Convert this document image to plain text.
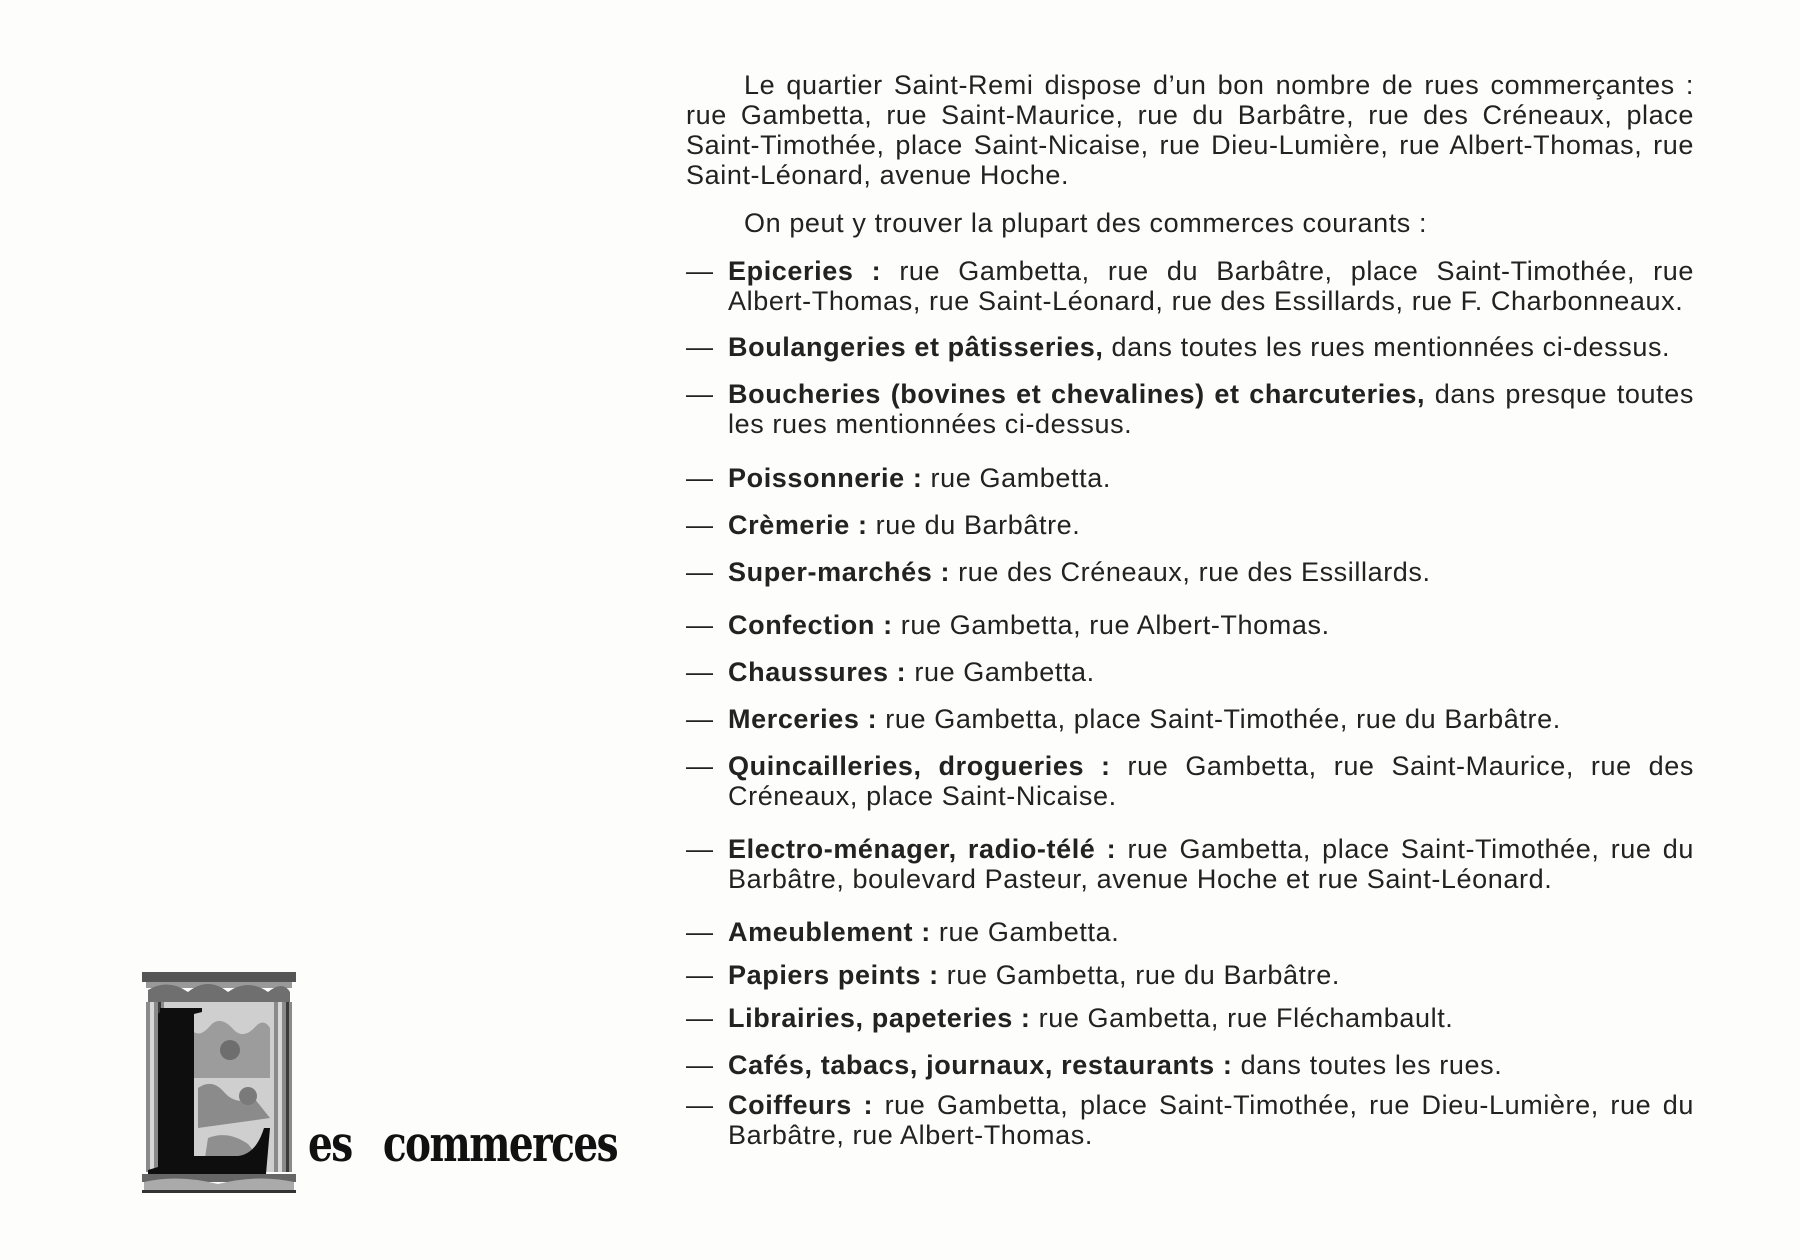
Le quartier Saint-Remi dispose d’un bon nombre de rues commerçantes : rue Gambetta, rue Saint-Maurice, rue du Barbâtre, rue des Créneaux, place Saint-Timothée, place Saint-Nicaise, rue Dieu-Lumière, rue Albert-Thomas, rue Saint-Léonard, avenue Hoche.

On peut y trouver la plupart des commerces courants :

— Epiceries : rue Gambetta, rue du Barbâtre, place Saint-Timothée, rue Albert-Thomas, rue Saint-Léonard, rue des Essillards, rue F. Charbonneaux.
— Boulangeries et pâtisseries, dans toutes les rues mentionnées ci-dessus.
— Boucheries (bovines et chevalines) et charcuteries, dans presque toutes les rues mentionnées ci-dessus.
— Poissonnerie : rue Gambetta.
— Crèmerie : rue du Barbâtre.
— Super-marchés : rue des Créneaux, rue des Essillards.
— Confection : rue Gambetta, rue Albert-Thomas.
— Chaussures : rue Gambetta.
— Merceries : rue Gambetta, place Saint-Timothée, rue du Barbâtre.
— Quincailleries, drogueries : rue Gambetta, rue Saint-Maurice, rue des Créneaux, place Saint-Nicaise.
— Electro-ménager, radio-télé : rue Gambetta, place Saint-Timothée, rue du Barbâtre, boulevard Pasteur, avenue Hoche et rue Saint-Léonard.
— Ameublement : rue Gambetta.
— Papiers peints : rue Gambetta, rue du Barbâtre.
— Librairies, papeteries : rue Gambetta, rue Fléchambault.
— Cafés, tabacs, journaux, restaurants : dans toutes les rues.
— Coiffeurs : rue Gambetta, place Saint-Timothée, rue Dieu-Lumière, rue du Barbâtre, rue Albert-Thomas.
es commerces
